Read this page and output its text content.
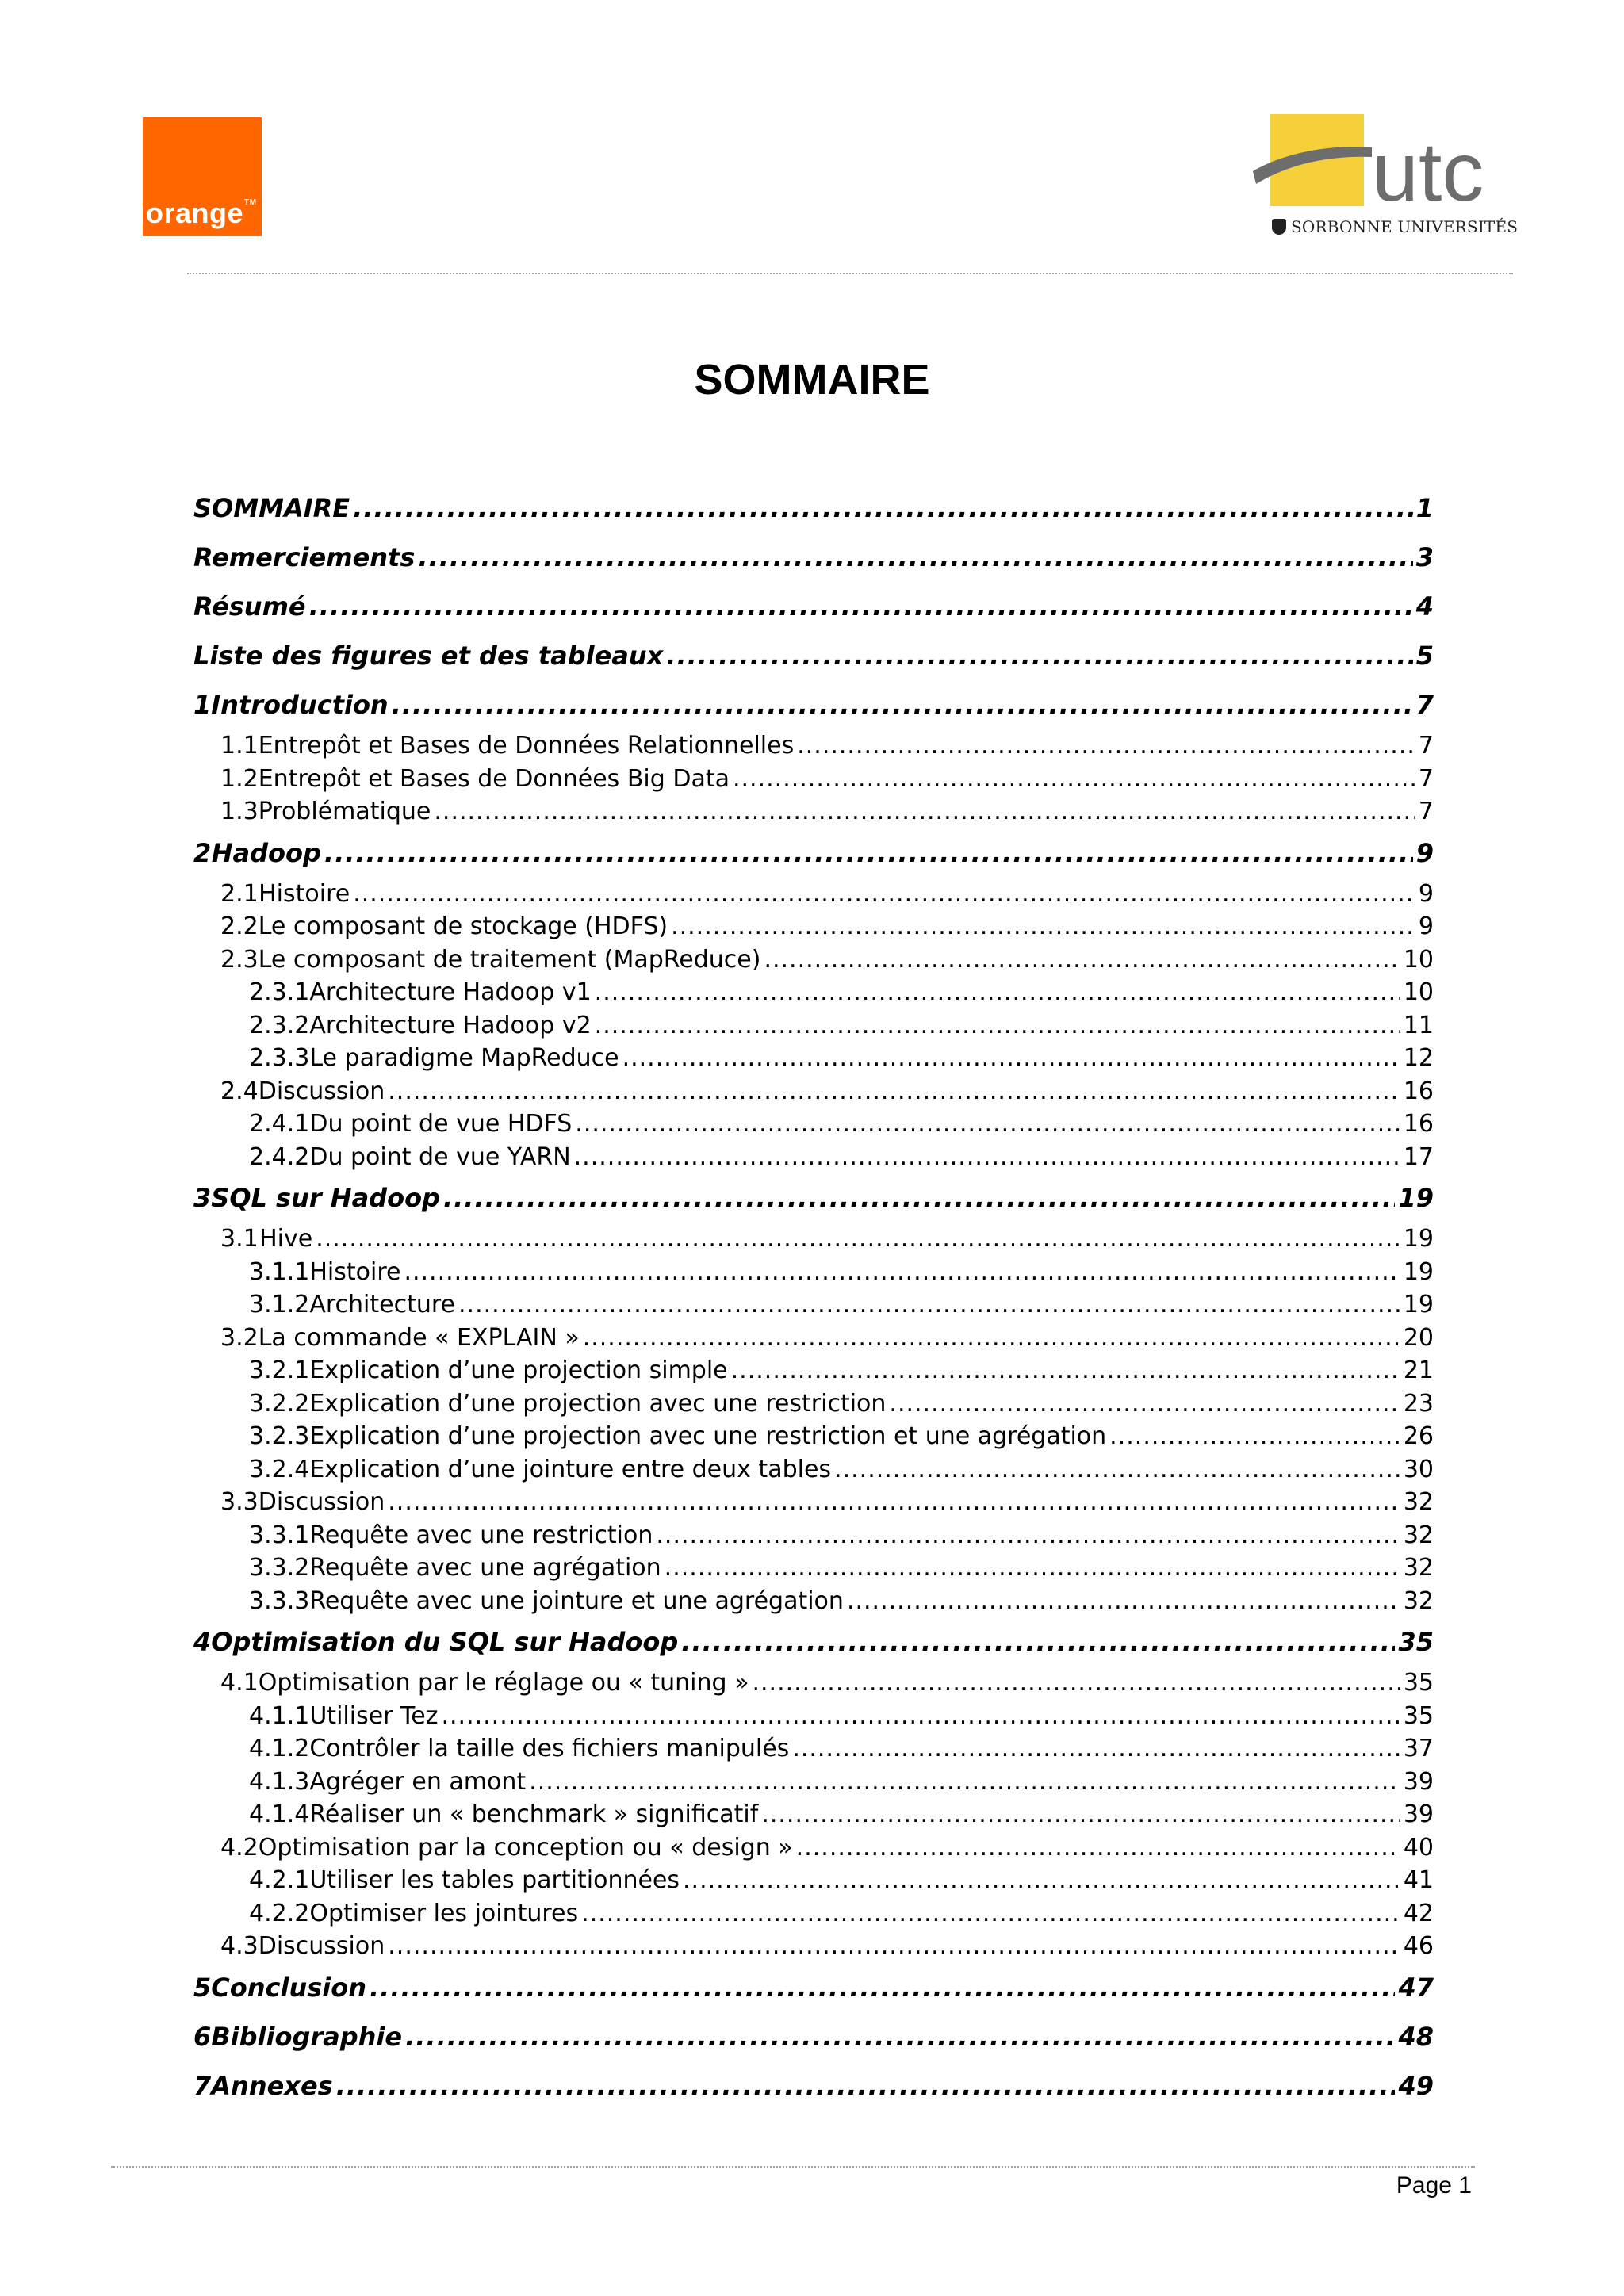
orange™	utc
SORBONNE UNIVERSITÉS
SOMMAIRE
SOMMAIRE .....	1
Remerciements .....	3
Résumé .....	4
Liste des figures et des tableaux .....	5
1 Introduction .....	7
1.1 Entrepôt et Bases de Données Relationnelles .....	7
1.2 Entrepôt et Bases de Données Big Data .....	7
1.3 Problématique .....	7
2 Hadoop .....	9
2.1 Histoire .....	9
2.2 Le composant de stockage (HDFS) .....	9
2.3 Le composant de traitement (MapReduce) .....	10
2.3.1 Architecture Hadoop v1 .....	10
2.3.2 Architecture Hadoop v2 .....	11
2.3.3 Le paradigme MapReduce .....	12
2.4 Discussion .....	16
2.4.1 Du point de vue HDFS .....	16
2.4.2 Du point de vue YARN .....	17
3 SQL sur Hadoop .....	19
3.1 Hive .....	19
3.1.1 Histoire .....	19
3.1.2 Architecture .....	19
3.2 La commande « EXPLAIN » .....	20
3.2.1 Explication d’une projection simple .....	21
3.2.2 Explication d’une projection avec une restriction .....	23
3.2.3 Explication d’une projection avec une restriction et une agrégation .....	26
3.2.4 Explication d’une jointure entre deux tables .....	30
3.3 Discussion .....	32
3.3.1 Requête avec une restriction .....	32
3.3.2 Requête avec une agrégation .....	32
3.3.3 Requête avec une jointure et une agrégation .....	32
4 Optimisation du SQL sur Hadoop .....	35
4.1 Optimisation par le réglage ou « tuning » .....	35
4.1.1 Utiliser Tez .....	35
4.1.2 Contrôler la taille des fichiers manipulés .....	37
4.1.3 Agréger en amont .....	39
4.1.4 Réaliser un « benchmark » significatif .....	39
4.2 Optimisation par la conception ou « design » .....	40
4.2.1 Utiliser les tables partitionnées .....	41
4.2.2 Optimiser les jointures .....	42
4.3 Discussion .....	46
5 Conclusion .....	47
6 Bibliographie .....	48
7 Annexes .....	49
Page 1
